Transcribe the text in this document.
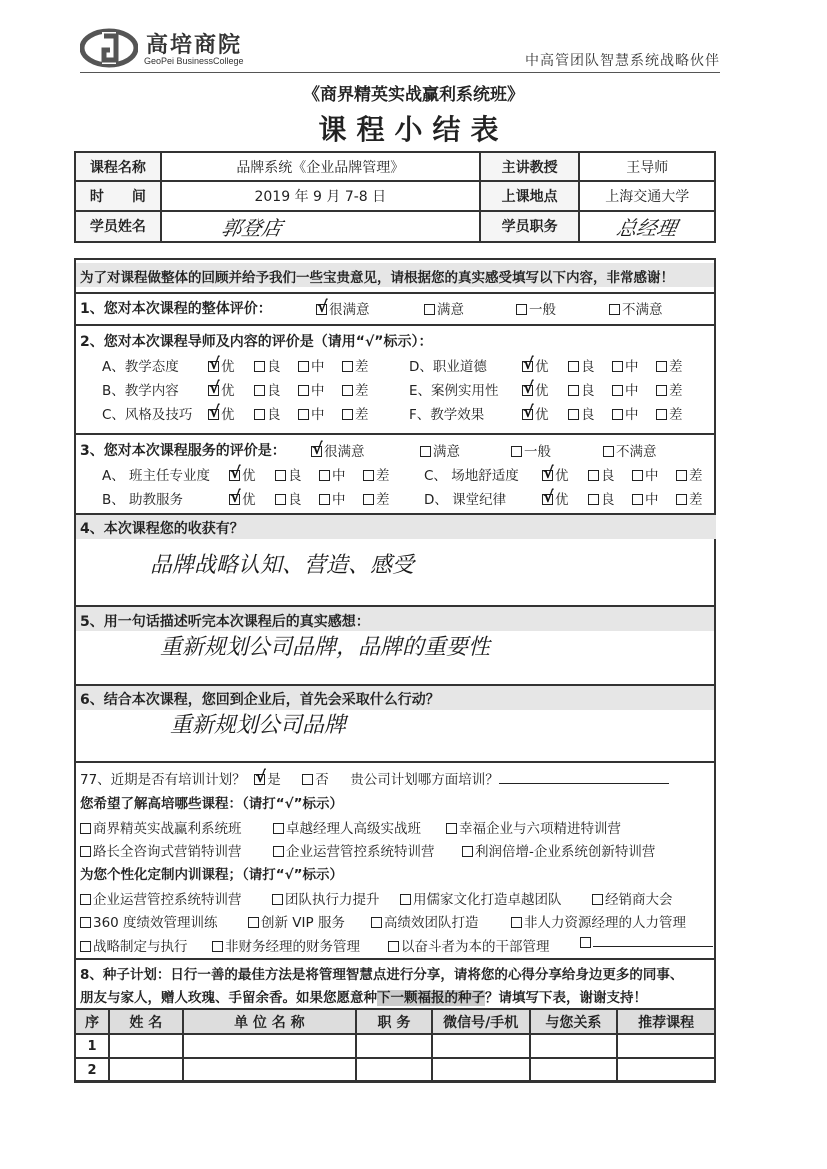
高培商院
GeoPei BusinessCollege	中高管团队智慧系统战略伙伴
《商界精英实战赢利系统班》
课程小结表
课程名称	品牌系统《企业品牌管理》	主讲教授	王导师
时　　间	2019 年 9 月 7-8 日	上课地点	上海交通大学
学员姓名	郭登店	学员职务	总经理
为了对课程做整体的回顾并给予我们一些宝贵意见，请根据您的真实感受填写以下内容，非常感谢！
1、您对本次课程的整体评价： √	很满意	满意	一般	不满意
2、您对本次课程导师及内容的评价是（请用“√”标示）：
A、教学态度 √	优	良	中	差
B、教学内容 √	优	良	中	差
C、风格及技巧 √	优	良	中	差
D、职业道德 √	优	良	中	差
E、案例实用性 √	优	良	中	差
F、教学效果 √	优	良	中	差
3、您对本次课程服务的评价是： √	很满意	满意	一般	不满意
A、 班主任专业度 √	优	良	中	差
B、 助教服务 √	优	良	中	差
C、 场地舒适度 √	优	良	中	差
D、 课堂纪律 √	优	良	中	差
4、本次课程您的收获有？
品牌战略认知、营造、感受
5、用一句话描述听完本次课程后的真实感想：
重新规划公司品牌，品牌的重要性
6、结合本次课程，您回到企业后，首先会采取什么行动？
重新规划公司品牌
77、近期是否有培训计划？ √ 是	否 贵公司计划哪方面培训？
您希望了解高培哪些课程：（请打“√”标示）
商界精英实战赢利系统班	卓越经理人高级实战班	幸福企业与六项精进特训营
路长全咨询式营销特训营	企业运营管控系统特训营	利润倍增-企业系统创新特训营
为您个性化定制内训课程；（请打“√”标示）
企业运营管控系统特训营	团队执行力提升	用儒家文化打造卓越团队	经销商大会
360 度绩效管理训练	创新 VIP 服务	高绩效团队打造	非人力资源经理的人力管理
战略制定与执行	非财务经理的财务管理	以奋斗者为本的干部管理
8、种子计划：日行一善的最佳方法是将管理智慧点进行分享，请将您的心得分享给身边更多的同事、
朋友与家人，赠人玫瑰、手留余香。如果您愿意种下一颗福报的种子？请填写下表，谢谢支持！
序	姓 名	单 位 名 称	职 务	微信号/手机	与您关系	推荐课程
1						
2						
